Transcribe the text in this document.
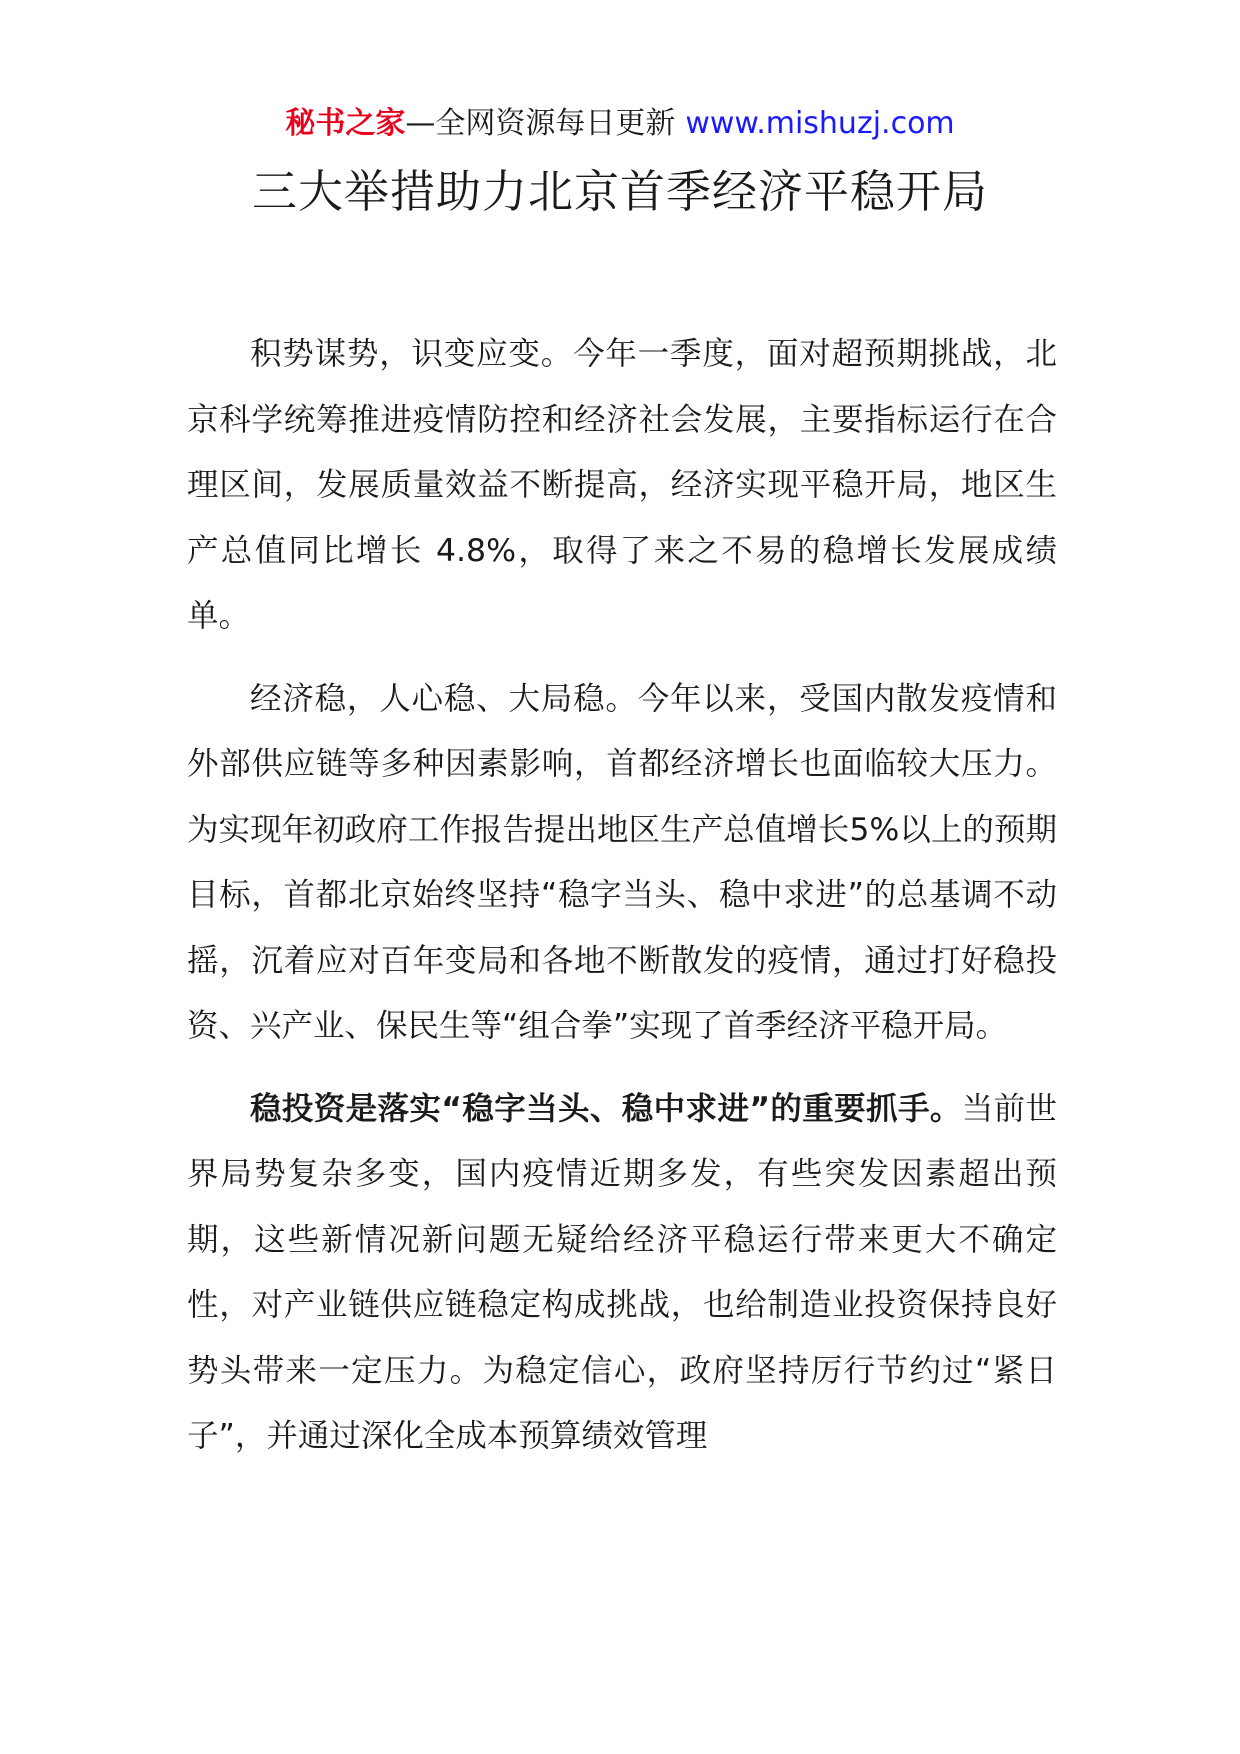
秘书之家—全网资源每日更新 www.mishuzj.com
三大举措助力北京首季经济平稳开局

积势谋势，识变应变。今年一季度，面对超预期挑战，北京科学统筹推进疫情防控和经济社会发展，主要指标运行在合理区间，发展质量效益不断提高，经济实现平稳开局，地区生产总值同比增长 4.8%，取得了来之不易的稳增长发展成绩单。

经济稳，人心稳、大局稳。今年以来，受国内散发疫情和外部供应链等多种因素影响，首都经济增长也面临较大压力。为实现年初政府工作报告提出地区生产总值增长5%以上的预期目标，首都北京始终坚持“稳字当头、稳中求进”的总基调不动摇，沉着应对百年变局和各地不断散发的疫情，通过打好稳投资、兴产业、保民生等“组合拳”实现了首季经济平稳开局。

稳投资是落实“稳字当头、稳中求进”的重要抓手。当前世界局势复杂多变，国内疫情近期多发，有些突发因素超出预期，这些新情况新问题无疑给经济平稳运行带来更大不确定性，对产业链供应链稳定构成挑战，也给制造业投资保持良好势头带来一定压力。为稳定信心，政府坚持厉行节约过“紧日子”，并通过深化全成本预算绩效管理
